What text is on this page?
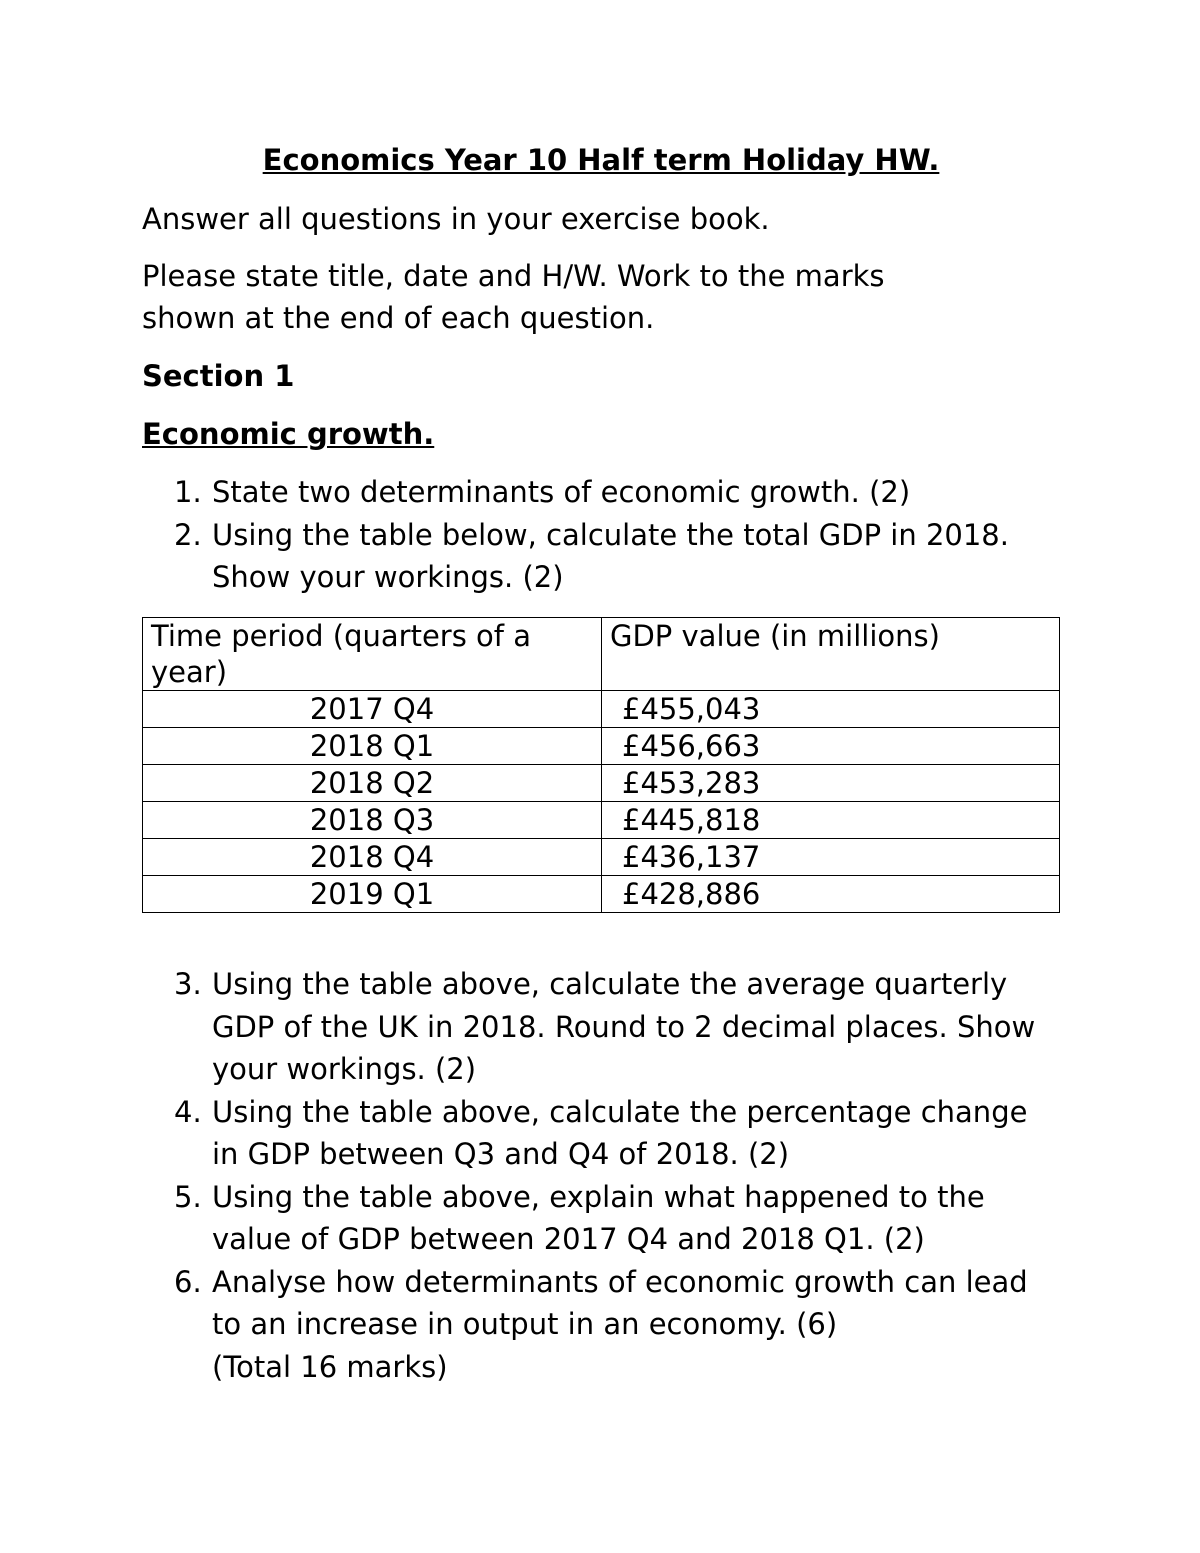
Economics Year 10 Half term Holiday HW.

Answer all questions in your exercise book.

Please state title, date and H/W. Work to the marks shown at the end of each question.

Section 1
Economic growth.
1. State two determinants of economic growth. (2)
2. Using the table below, calculate the total GDP in 2018. Show your workings. (2)
Time period (quarters of a year)	GDP value (in millions)
2017 Q4	£455,043
2018 Q1	£456,663
2018 Q2	£453,283
2018 Q3	£445,818
2018 Q4	£436,137
2019 Q1	£428,886
3. Using the table above, calculate the average quarterly GDP of the UK in 2018. Round to 2 decimal places. Show your workings. (2)
4. Using the table above, calculate the percentage change in GDP between Q3 and Q4 of 2018. (2)
5. Using the table above, explain what happened to the value of GDP between 2017 Q4 and 2018 Q1. (2)
6. Analyse how determinants of economic growth can lead to an increase in output in an economy. (6)
(Total 16 marks)
